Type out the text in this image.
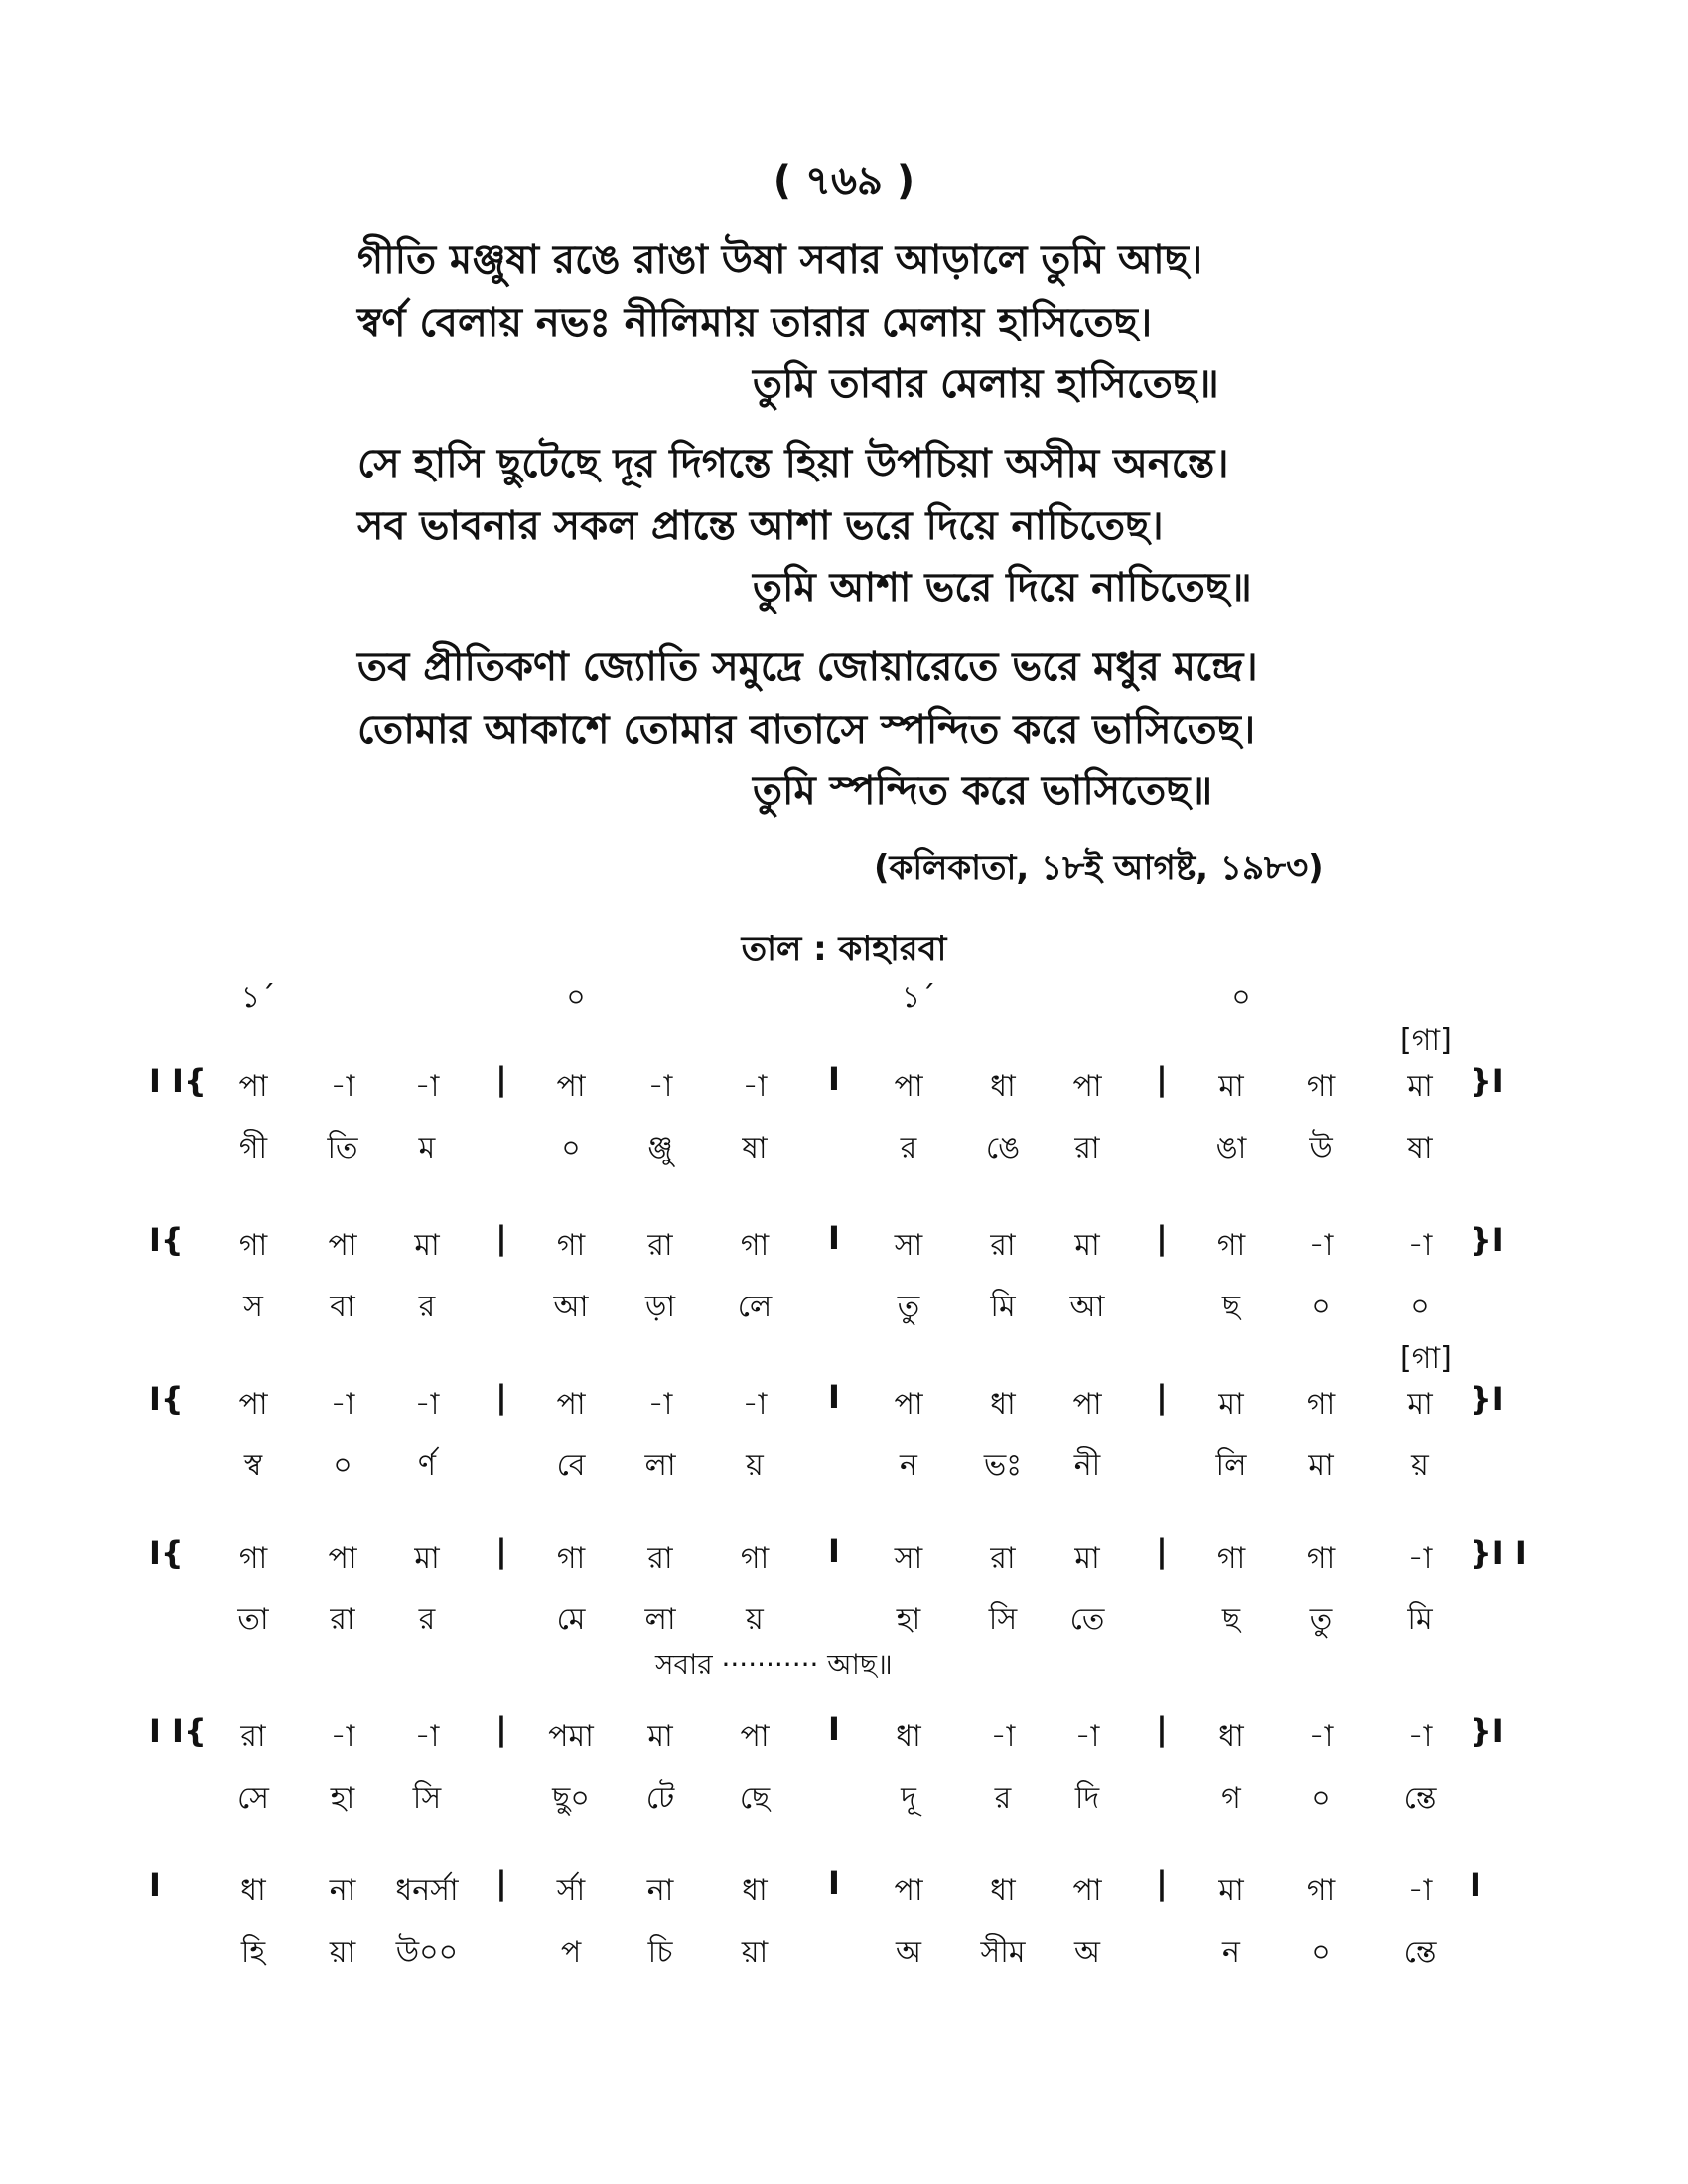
( ৭৬৯ )
গীতি মঞ্জুষা রঙে রাঙা উষা সবার আড়ালে তুমি আছ।
স্বর্ণ বেলায় নভঃ নীলিমায় তারার মেলায় হাসিতেছ।
তুমি তাবার মেলায় হাসিতেছ॥
সে হাসি ছুটেছে দূর দিগন্তে হিয়া উপচিয়া অসীম অনন্তে।
সব ভাবনার সকল প্রান্তে আশা ভরে দিয়ে নাচিতেছ।
তুমি আশা ভরে দিয়ে নাচিতেছ॥
তব প্রীতিকণা জ্যোতি সমুদ্রে জোয়ারেতে ভরে মধুর মন্দ্রে।
তোমার আকাশে তোমার বাতাসে স্পন্দিত করে ভাসিতেছ।
তুমি স্পন্দিত করে ভাসিতেছ॥
(কলিকাতা, ১৮ই আগষ্ট, ১৯৮৩)
তাল : কাহারবা
১´	০	১´	০
I I{	}I
[গা]
পা	-া	-া	পা	-া	-া	পা	ধা	পা	মা	গা	মা
|	I	|
গী	তি	ম	০	ঞ্জু	ষা	র	ঙে	রা	ঙা	উ	ষা
I{	}I
গা	পা	মা	গা	রা	গা	সা	রা	মা	গা	-া	-া
|	I	|
স	বা	র	আ	ড়া	লে	তু	মি	আ	ছ	০	০
I{	}I
[গা]
পা	-া	-া	পা	-া	-া	পা	ধা	পা	মা	গা	মা
|	I	|
স্ব	০	র্ণ	বে	লা	য়	ন	ভঃ	নী	লি	মা	য়
I{	}I I
গা	পা	মা	গা	রা	গা	সা	রা	মা	গা	গা	-া
|	I	|
তা	রা	র	মে	লা	য়	হা	সি	তে	ছ	তু	মি
I I{	}I
রা	-া	-া	পমা	মা	পা	ধা	-া	-া	ধা	-া	-া
|	I	|
সে	হা	সি	ছু০	টে	ছে	দূ	র	দি	গ	০	ন্তে
I	I
ধা	না	ধনর্সা	র্সা	না	ধা	পা	ধা	পা	মা	গা	-া
|	I	|
হি	য়া	উ০০	প	চি	য়া	অ	সীম	অ	ন	০	ন্তে
সবার ··········· আছ॥
